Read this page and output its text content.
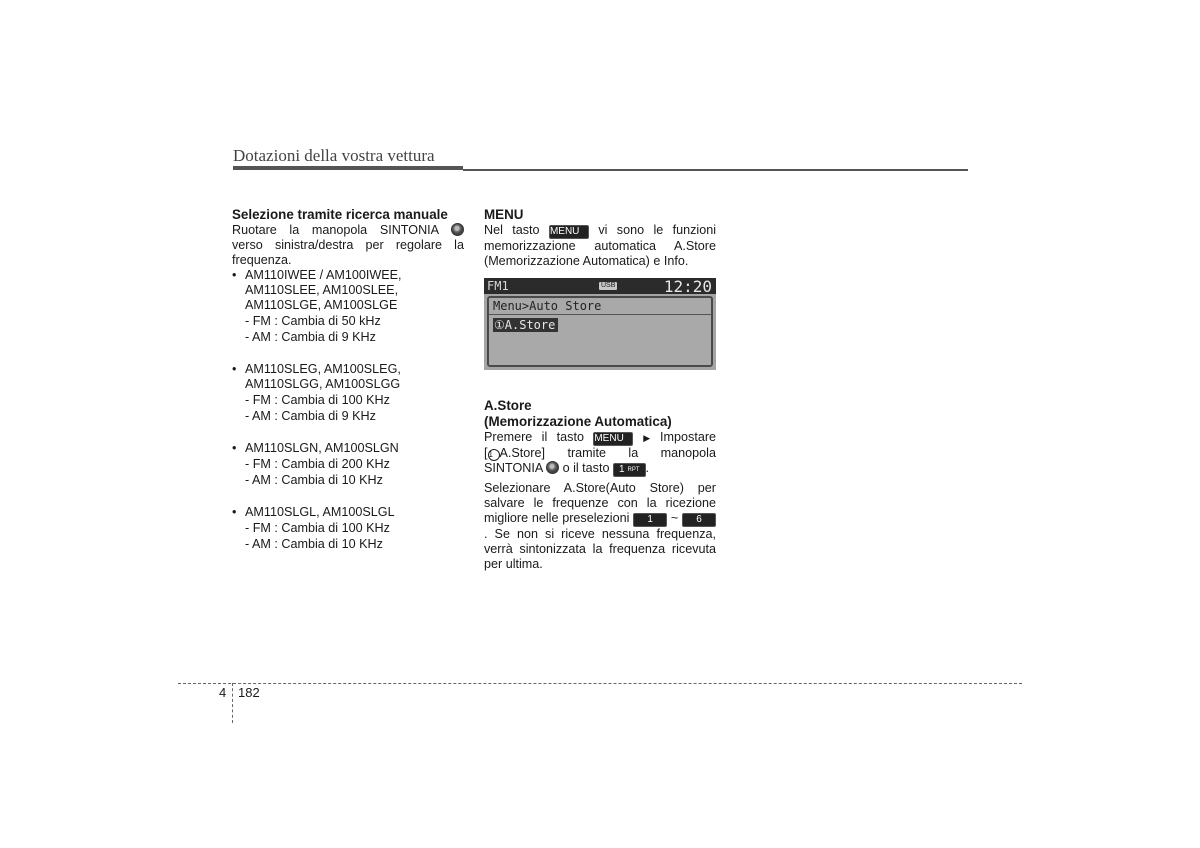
Dotazioni della vostra vettura

Selezione tramite ricerca manuale

Ruotare la manopola SINTONIA

verso sinistra/destra per regolare la frequenza.

• AM110IWEE / AM100IWEE,
AM110SLEE, AM100SLEE,
AM110SLGE, AM100SLGE

- FM : Cambia di 50 kHz

- AM : Cambia di 9 KHz

• AM110SLEG, AM100SLEG,
AM110SLGG, AM100SLGG

- FM : Cambia di 100 KHz

- AM : Cambia di 9 KHz

• AM110SLGN, AM100SLGN

- FM : Cambia di 200 KHz

- AM : Cambia di 10 KHz

• AM110SLGL, AM100SLGL

- FM : Cambia di 100 KHz

- AM : Cambia di 10 KHz

MENU

Nel tasto MENU vi sono le funzioni

memorizzazione automatica A.Store (Memorizzazione Automatica) e Info.

FM1	USB	12:20
Menu>Auto Store
①A.Store

A.Store
(Memorizzazione Automatica)

Premere il tasto MENU ▶ Impostare

[1 A.Store] tramite la manopola

SINTONIA o il tasto 1 RPT .

Selezionare A.Store(Auto Store) per salvare le frequenze con la ricezione migliore nelle preselezioni 1 ~ 6. Se non si riceve nessuna frequenza, verrà sintonizzata la frequenza ricevuta per ultima.

4 182
